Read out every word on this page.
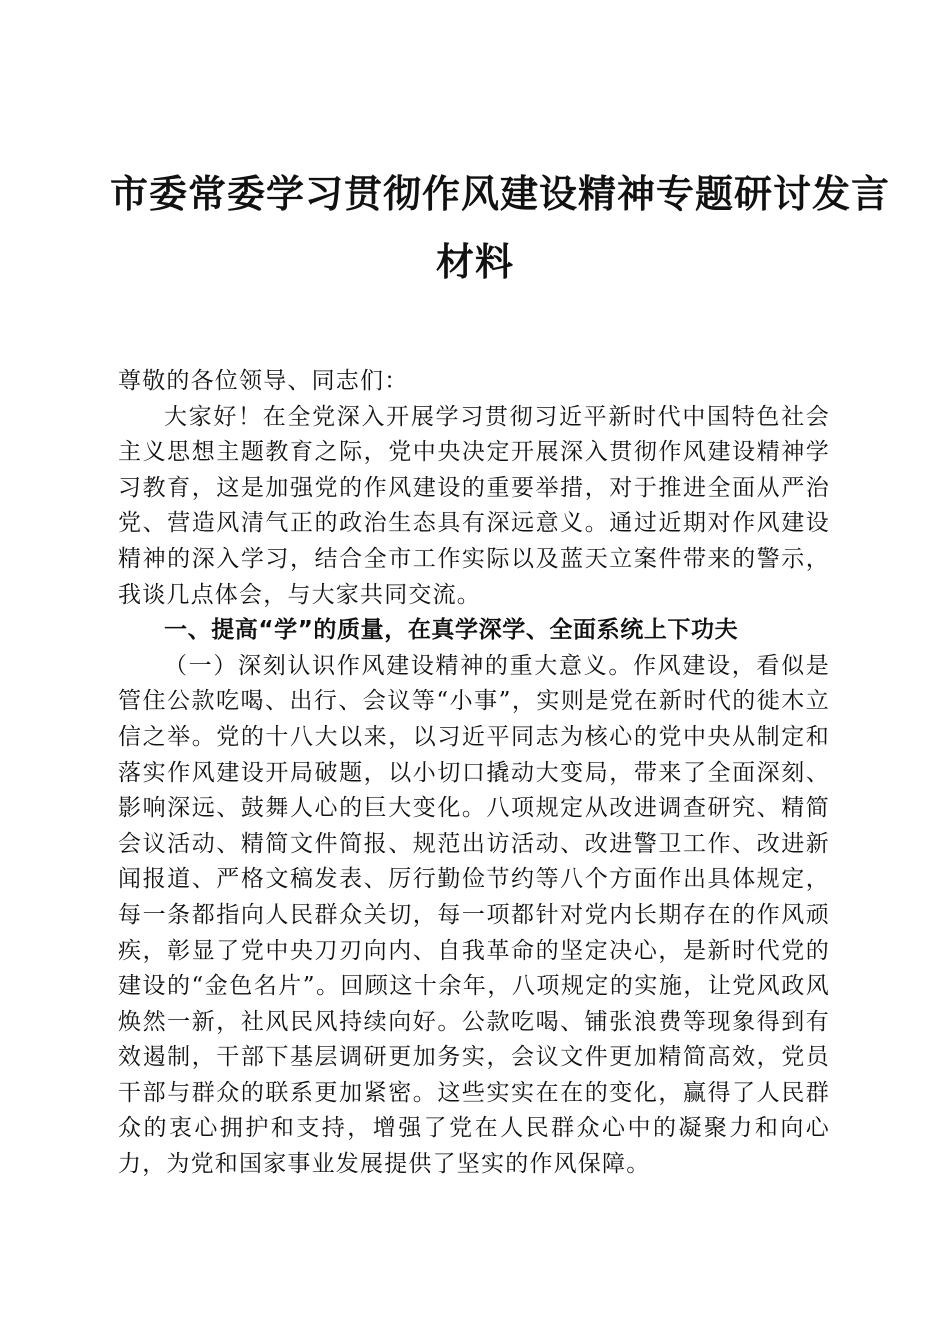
市委常委学习贯彻作风建设精神专题研讨发言
材料

尊敬的各位领导、同志们：

大家好！在全党深入开展学习贯彻习近平新时代中国特色社会主义思想主题教育之际，党中央决定开展深入贯彻作风建设精神学习教育，这是加强党的作风建设的重要举措，对于推进全面从严治党、营造风清气正的政治生态具有深远意义。通过近期对作风建设精神的深入学习，结合全市工作实际以及蓝天立案件带来的警示，我谈几点体会，与大家共同交流。

一、提高“学”的质量，在真学深学、全面系统上下功夫

（一）深刻认识作风建设精神的重大意义。作风建设，看似是管住公款吃喝、出行、会议等“小事”，实则是党在新时代的徙木立信之举。党的十八大以来，以习近平同志为核心的党中央从制定和落实作风建设开局破题，以小切口撬动大变局，带来了全面深刻、影响深远、鼓舞人心的巨大变化。八项规定从改进调查研究、精简会议活动、精简文件简报、规范出访活动、改进警卫工作、改进新闻报道、严格文稿发表、厉行勤俭节约等八个方面作出具体规定，每一条都指向人民群众关切，每一项都针对党内长期存在的作风顽疾，彰显了党中央刀刃向内、自我革命的坚定决心，是新时代党的建设的“金色名片”。回顾这十余年，八项规定的实施，让党风政风焕然一新，社风民风持续向好。公款吃喝、铺张浪费等现象得到有效遏制，干部下基层调研更加务实，会议文件更加精简高效，党员干部与群众的联系更加紧密。这些实实在在的变化，赢得了人民群众的衷心拥护和支持，增强了党在人民群众心中的凝聚力和向心力，为党和国家事业发展提供了坚实的作风保障。
